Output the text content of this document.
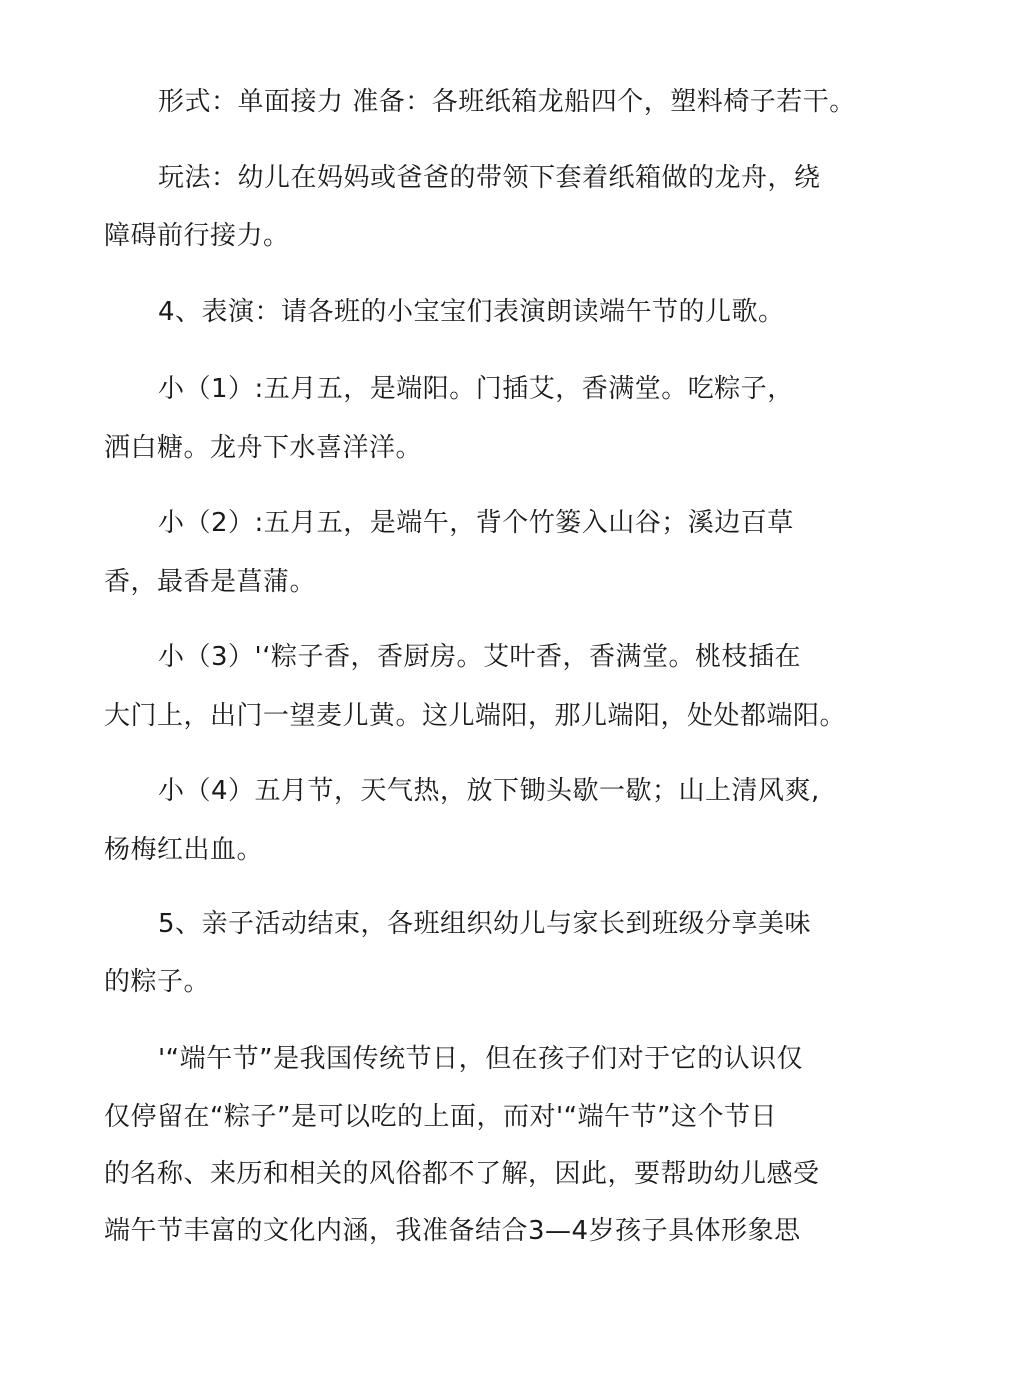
形式：单面接力 准备：各班纸箱龙船四个，塑料椅子若干。
玩法：幼儿在妈妈或爸爸的带领下套着纸箱做的龙舟，绕
障碍前行接力。
4、表演：请各班的小宝宝们表演朗读端午节的儿歌。
小（1）:五月五，是端阳。门插艾，香满堂。吃粽子，
洒白糖。龙舟下水喜洋洋。
小（2）:五月五，是端午，背个竹篓入山谷；溪边百草
香，最香是菖蒲。
小（3）'‘粽子香，香厨房。艾叶香，香满堂。桃枝插在
大门上，出门一望麦儿黄。这儿端阳，那儿端阳，处处都端阳。
小（4）五月节，天气热，放下锄头歇一歇；山上清风爽,
杨梅红出血。
5、亲子活动结束，各班组织幼儿与家长到班级分享美味
的粽子。
'“端午节”是我国传统节日，但在孩子们对于它的认识仅
仅停留在“粽子”是可以吃的上面，而对'“端午节”这个节日
的名称、来历和相关的风俗都不了解，因此，要帮助幼儿感受
端午节丰富的文化内涵，我准备结合3—4岁孩子具体形象思
